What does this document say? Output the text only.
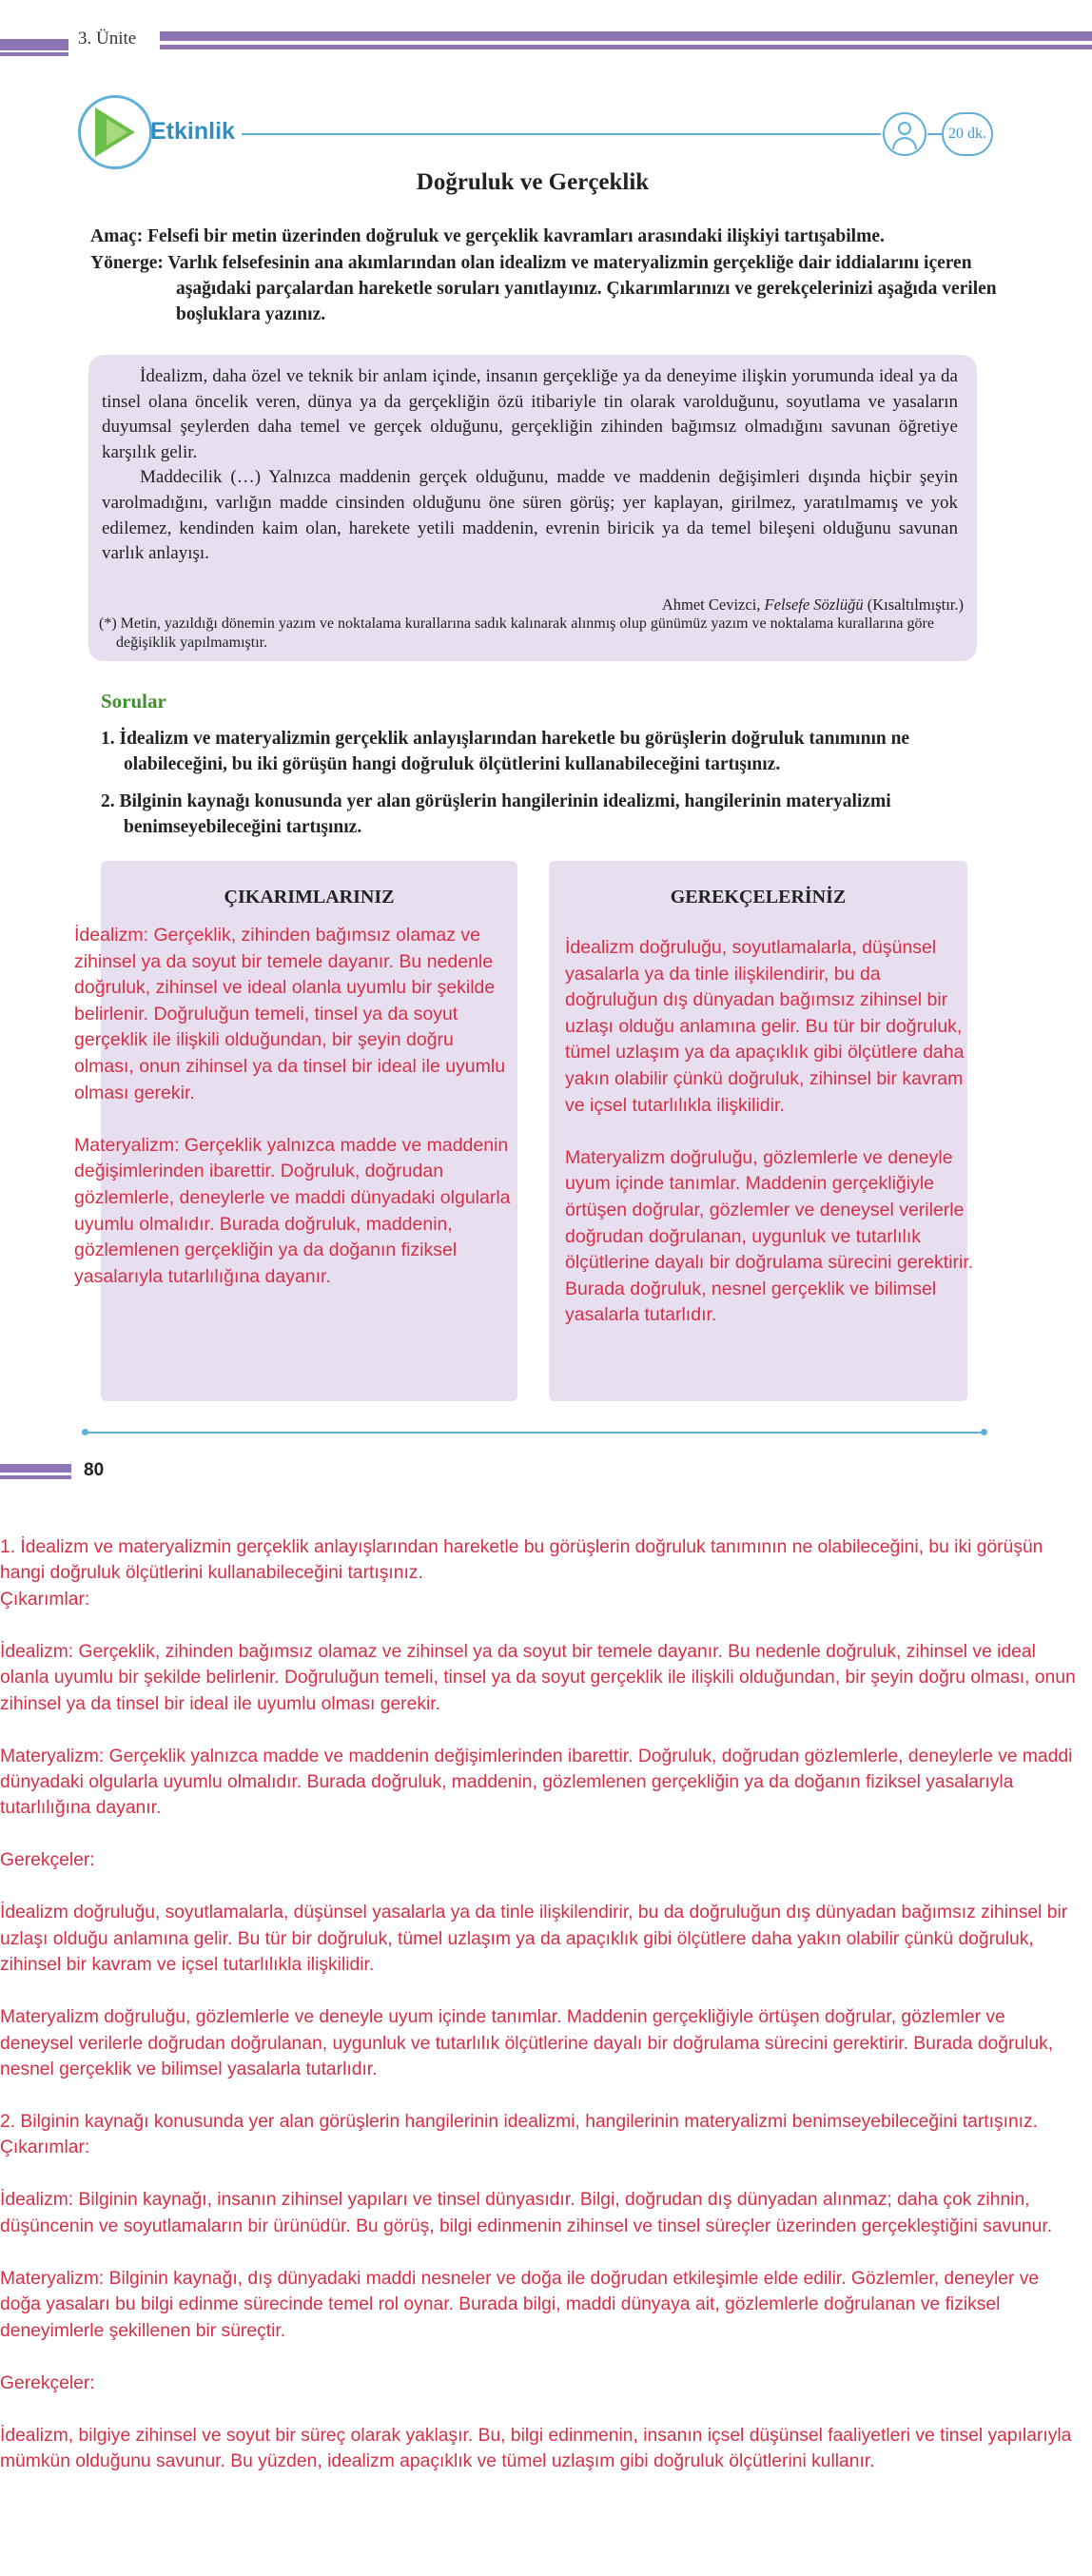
3. Ünite
Etkinlik	20 dk.
Doğruluk ve Gerçeklik
Amaç: Felsefi bir metin üzerinden doğruluk ve gerçeklik kavramları arasındaki ilişkiyi tartışabilme.
Yönerge: Varlık felsefesinin ana akımlarından olan idealizm ve materyalizmin gerçekliğe dair iddialarını içeren aşağıdaki parçalardan hareketle soruları yanıtlayınız. Çıkarımlarınızı ve gerekçelerinizi aşağıda verilen boşluklara yazınız.

İdealizm, daha özel ve teknik bir anlam içinde, insanın gerçekliğe ya da deneyime ilişkin yorumunda ideal ya da tinsel olana öncelik veren, dünya ya da gerçekliğin özü itibariyle tin olarak varolduğunu, soyutlama ve yasaların duyumsal şeylerden daha temel ve gerçek olduğunu, gerçekliğin zihinden bağımsız olmadığını savunan öğretiye karşılık gelir.

Maddecilik (…) Yalnızca maddenin gerçek olduğunu, madde ve maddenin değişimleri dışında hiçbir şeyin varolmadığını, varlığın madde cinsinden olduğunu öne süren görüş; yer kaplayan, girilmez, yaratılmamış ve yok edilemez, kendinden kaim olan, harekete yetili maddenin, evrenin biricik ya da temel bileşeni olduğunu savunan varlık anlayışı.

Ahmet Cevizci, Felsefe Sözlüğü (Kısaltılmıştır.)
(*) Metin, yazıldığı dönemin yazım ve noktalama kurallarına sadık kalınarak alınmış olup günümüz yazım ve noktalama kurallarına göre değişiklik yapılmamıştır.
Sorular
1. İdealizm ve materyalizmin gerçeklik anlayışlarından hareketle bu görüşlerin doğruluk tanımının ne olabileceğini, bu iki görüşün hangi doğruluk ölçütlerini kullanabileceğini tartışınız.
2. Bilginin kaynağı konusunda yer alan görüşlerin hangilerinin idealizmi, hangilerinin materyalizmi benimseyebileceğini tartışınız.
ÇIKARIMLARINIZ	GEREKÇELERİNİZ

İdealizm: Gerçeklik, zihinden bağımsız olamaz ve zihinsel ya da soyut bir temele dayanır. Bu nedenle doğruluk, zihinsel ve ideal olanla uyumlu bir şekilde belirlenir. Doğruluğun temeli, tinsel ya da soyut gerçeklik ile ilişkili olduğundan, bir şeyin doğru olması, onun zihinsel ya da tinsel bir ideal ile uyumlu olması gerekir.

Materyalizm: Gerçeklik yalnızca madde ve maddenin değişimlerinden ibarettir. Doğruluk, doğrudan gözlemlerle, deneylerle ve maddi dünyadaki olgularla uyumlu olmalıdır. Burada doğruluk, maddenin, gözlemlenen gerçekliğin ya da doğanın fiziksel yasalarıyla tutarlılığına dayanır.

İdealizm doğruluğu, soyutlamalarla, düşünsel yasalarla ya da tinle ilişkilendirir, bu da doğruluğun dış dünyadan bağımsız zihinsel bir uzlaşı olduğu anlamına gelir. Bu tür bir doğruluk, tümel uzlaşım ya da apaçıklık gibi ölçütlere daha yakın olabilir çünkü doğruluk, zihinsel bir kavram ve içsel tutarlılıkla ilişkilidir.

Materyalizm doğruluğu, gözlemlerle ve deneyle uyum içinde tanımlar. Maddenin gerçekliğiyle örtüşen doğrular, gözlemler ve deneysel verilerle doğrudan doğrulanan, uygunluk ve tutarlılık ölçütlerine dayalı bir doğrulama sürecini gerektirir. Burada doğruluk, nesnel gerçeklik ve bilimsel yasalarla tutarlıdır.

80

1. İdealizm ve materyalizmin gerçeklik anlayışlarından hareketle bu görüşlerin doğruluk tanımının ne olabileceğini, bu iki görüşün hangi doğruluk ölçütlerini kullanabileceğini tartışınız.

Çıkarımlar:

İdealizm: Gerçeklik, zihinden bağımsız olamaz ve zihinsel ya da soyut bir temele dayanır. Bu nedenle doğruluk, zihinsel ve ideal olanla uyumlu bir şekilde belirlenir. Doğruluğun temeli, tinsel ya da soyut gerçeklik ile ilişkili olduğundan, bir şeyin doğru olması, onun zihinsel ya da tinsel bir ideal ile uyumlu olması gerekir.

Materyalizm: Gerçeklik yalnızca madde ve maddenin değişimlerinden ibarettir. Doğruluk, doğrudan gözlemlerle, deneylerle ve maddi dünyadaki olgularla uyumlu olmalıdır. Burada doğruluk, maddenin, gözlemlenen gerçekliğin ya da doğanın fiziksel yasalarıyla tutarlılığına dayanır.

Gerekçeler:

İdealizm doğruluğu, soyutlamalarla, düşünsel yasalarla ya da tinle ilişkilendirir, bu da doğruluğun dış dünyadan bağımsız zihinsel bir uzlaşı olduğu anlamına gelir. Bu tür bir doğruluk, tümel uzlaşım ya da apaçıklık gibi ölçütlere daha yakın olabilir çünkü doğruluk, zihinsel bir kavram ve içsel tutarlılıkla ilişkilidir.

Materyalizm doğruluğu, gözlemlerle ve deneyle uyum içinde tanımlar. Maddenin gerçekliğiyle örtüşen doğrular, gözlemler ve deneysel verilerle doğrudan doğrulanan, uygunluk ve tutarlılık ölçütlerine dayalı bir doğrulama sürecini gerektirir. Burada doğruluk, nesnel gerçeklik ve bilimsel yasalarla tutarlıdır.

2. Bilginin kaynağı konusunda yer alan görüşlerin hangilerinin idealizmi, hangilerinin materyalizmi benimseyebileceğini tartışınız.

Çıkarımlar:

İdealizm: Bilginin kaynağı, insanın zihinsel yapıları ve tinsel dünyasıdır. Bilgi, doğrudan dış dünyadan alınmaz; daha çok zihnin, düşüncenin ve soyutlamaların bir ürünüdür. Bu görüş, bilgi edinmenin zihinsel ve tinsel süreçler üzerinden gerçekleştiğini savunur.

Materyalizm: Bilginin kaynağı, dış dünyadaki maddi nesneler ve doğa ile doğrudan etkileşimle elde edilir. Gözlemler, deneyler ve doğa yasaları bu bilgi edinme sürecinde temel rol oynar. Burada bilgi, maddi dünyaya ait, gözlemlerle doğrulanan ve fiziksel deneyimlerle şekillenen bir süreçtir.

Gerekçeler:

İdealizm, bilgiye zihinsel ve soyut bir süreç olarak yaklaşır. Bu, bilgi edinmenin, insanın içsel düşünsel faaliyetleri ve tinsel yapılarıyla mümkün olduğunu savunur. Bu yüzden, idealizm apaçıklık ve tümel uzlaşım gibi doğruluk ölçütlerini kullanır.
